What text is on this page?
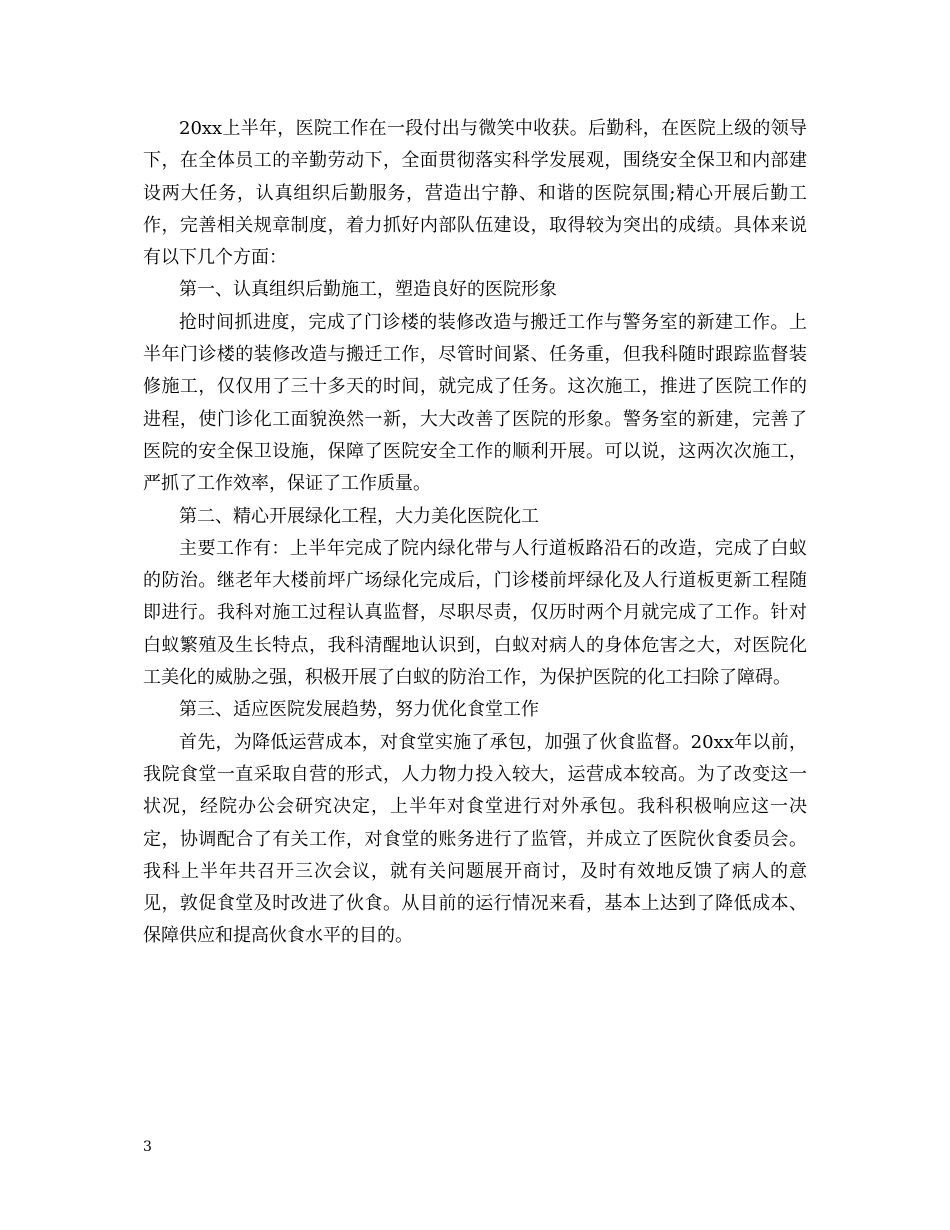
20xx上半年，医院工作在一段付出与微笑中收获。后勤科，在医院上级的领导下，在全体员工的辛勤劳动下，全面贯彻落实科学发展观，围绕安全保卫和内部建设两大任务，认真组织后勤服务，营造出宁静、和谐的医院氛围;精心开展后勤工作，完善相关规章制度，着力抓好内部队伍建设，取得较为突出的成绩。具体来说有以下几个方面：

第一、认真组织后勤施工，塑造良好的医院形象

抢时间抓进度，完成了门诊楼的装修改造与搬迁工作与警务室的新建工作。上半年门诊楼的装修改造与搬迁工作，尽管时间紧、任务重，但我科随时跟踪监督装修施工，仅仅用了三十多天的时间，就完成了任务。这次施工，推进了医院工作的进程，使门诊化工面貌涣然一新，大大改善了医院的形象。警务室的新建，完善了医院的安全保卫设施，保障了医院安全工作的顺利开展。可以说，这两次次施工，严抓了工作效率，保证了工作质量。

第二、精心开展绿化工程，大力美化医院化工

主要工作有：上半年完成了院内绿化带与人行道板路沿石的改造，完成了白蚁的防治。继老年大楼前坪广场绿化完成后，门诊楼前坪绿化及人行道板更新工程随即进行。我科对施工过程认真监督，尽职尽责，仅历时两个月就完成了工作。针对白蚁繁殖及生长特点，我科清醒地认识到，白蚁对病人的身体危害之大，对医院化工美化的威胁之强，积极开展了白蚁的防治工作，为保护医院的化工扫除了障碍。

第三、适应医院发展趋势，努力优化食堂工作

首先，为降低运营成本，对食堂实施了承包，加强了伙食监督。20xx年以前，我院食堂一直采取自营的形式，人力物力投入较大，运营成本较高。为了改变这一状况，经院办公会研究决定，上半年对食堂进行对外承包。我科积极响应这一决定，协调配合了有关工作，对食堂的账务进行了监管，并成立了医院伙食委员会。我科上半年共召开三次会议，就有关问题展开商讨，及时有效地反馈了病人的意见，敦促食堂及时改进了伙食。从目前的运行情况来看，基本上达到了降低成本、保障供应和提高伙食水平的目的。

3
